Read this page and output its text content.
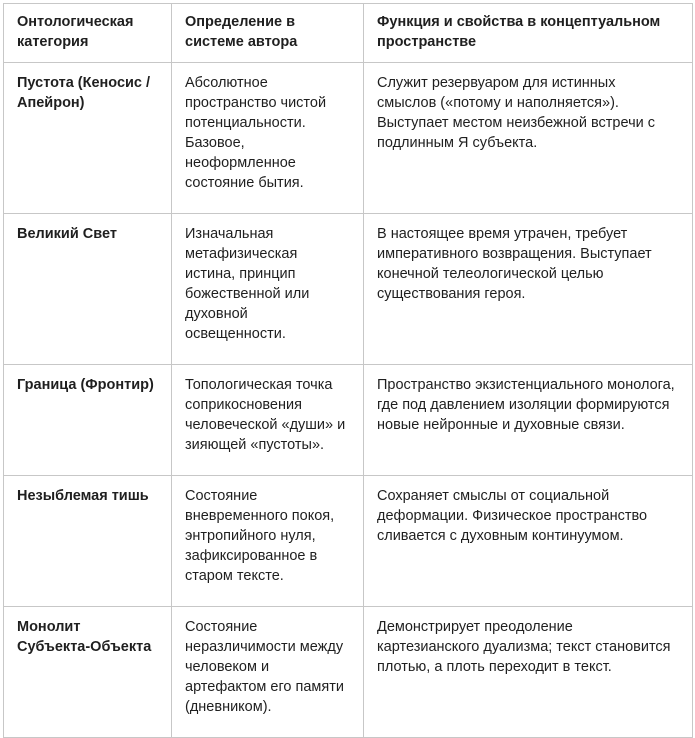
Онтологическая категория	Определение в системе автора	Функция и свойства в концептуальном пространстве
Пустота (Кеносис / Апейрон)	Абсолютное пространство чистой потенциальности. Базовое, неоформленное состояние бытия.	Служит резервуаром для истинных смыслов («потому и наполняется»). Выступает местом неизбежной встречи с подлинным Я субъекта.
Великий Свет	Изначальная метафизическая истина, принцип божественной или духовной освещенности.	В настоящее время утрачен, требует императивного возвращения. Выступает конечной телеологической целью существования героя.
Граница (Фронтир)	Топологическая точка соприкосновения человеческой «души» и зияющей «пустоты».	Пространство экзистенциального монолога, где под давлением изоляции формируются новые нейронные и духовные связи.
Незыблемая тишь	Состояние вневременного покоя, энтропийного нуля, зафиксированное в старом тексте.	Сохраняет смыслы от социальной деформации. Физическое пространство сливается с духовным континуумом.
Монолит Субъекта-Объекта	Состояние неразличимости между человеком и артефактом его памяти (дневником).	Демонстрирует преодоление картезианского дуализма; текст становится плотью, а плоть переходит в текст.
